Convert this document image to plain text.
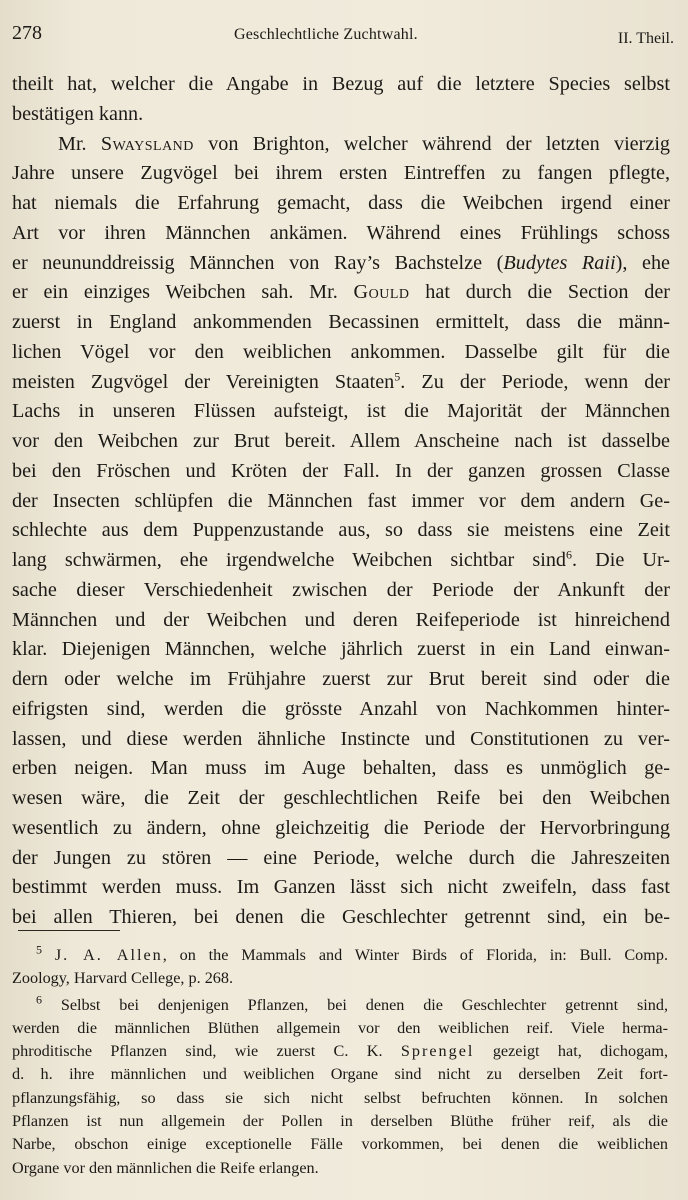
278	Geschlechtliche Zuchtwahl.	II. Theil.
theilt hat, welcher die Angabe in Bezug auf die letztere Species selbst
bestätigen kann.
Mr. Swaysland von Brighton, welcher während der letzten vierzig
Jahre unsere Zugvögel bei ihrem ersten Eintreffen zu fangen pflegte,
hat niemals die Erfahrung gemacht, dass die Weibchen irgend einer
Art vor ihren Männchen ankämen. Während eines Frühlings schoss
er neununddreissig Männchen von Ray’s Bachstelze (Budytes Raii), ehe
er ein einziges Weibchen sah. Mr. Gould hat durch die Section der
zuerst in England ankommenden Becassinen ermittelt, dass die männ-
lichen Vögel vor den weiblichen ankommen. Dasselbe gilt für die
meisten Zugvögel der Vereinigten Staaten$^5$. Zu der Periode, wenn der
Lachs in unseren Flüssen aufsteigt, ist die Majorität der Männchen
vor den Weibchen zur Brut bereit. Allem Anscheine nach ist dasselbe
bei den Fröschen und Kröten der Fall. In der ganzen grossen Classe
der Insecten schlüpfen die Männchen fast immer vor dem andern Ge-
schlechte aus dem Puppenzustande aus, so dass sie meistens eine Zeit
lang schwärmen, ehe irgendwelche Weibchen sichtbar sind$^6$. Die Ur-
sache dieser Verschiedenheit zwischen der Periode der Ankunft der
Männchen und der Weibchen und deren Reifeperiode ist hinreichend
klar. Diejenigen Männchen, welche jährlich zuerst in ein Land einwan-
dern oder welche im Frühjahre zuerst zur Brut bereit sind oder die
eifrigsten sind, werden die grösste Anzahl von Nachkommen hinter-
lassen, und diese werden ähnliche Instincte und Constitutionen zu ver-
erben neigen. Man muss im Auge behalten, dass es unmöglich ge-
wesen wäre, die Zeit der geschlechtlichen Reife bei den Weibchen
wesentlich zu ändern, ohne gleichzeitig die Periode der Hervorbringung
der Jungen zu stören — eine Periode, welche durch die Jahreszeiten
bestimmt werden muss. Im Ganzen lässt sich nicht zweifeln, dass fast
bei allen Thieren, bei denen die Geschlechter getrennt sind, ein be-
$^5$ J. A. Allen, on the Mammals and Winter Birds of Florida, in: Bull. Comp.
Zoology, Harvard Cellege, p. 268.
$^6$ Selbst bei denjenigen Pflanzen, bei denen die Geschlechter getrennt sind,
werden die männlichen Blüthen allgemein vor den weiblichen reif. Viele herma-
phroditische Pflanzen sind, wie zuerst C. K. Sprengel gezeigt hat, dichogam,
d. h. ihre männlichen und weiblichen Organe sind nicht zu derselben Zeit fort-
pflanzungsfähig, so dass sie sich nicht selbst befruchten können. In solchen
Pflanzen ist nun allgemein der Pollen in derselben Blüthe früher reif, als die
Narbe, obschon einige exceptionelle Fälle vorkommen, bei denen die weiblichen
Organe vor den männlichen die Reife erlangen.
